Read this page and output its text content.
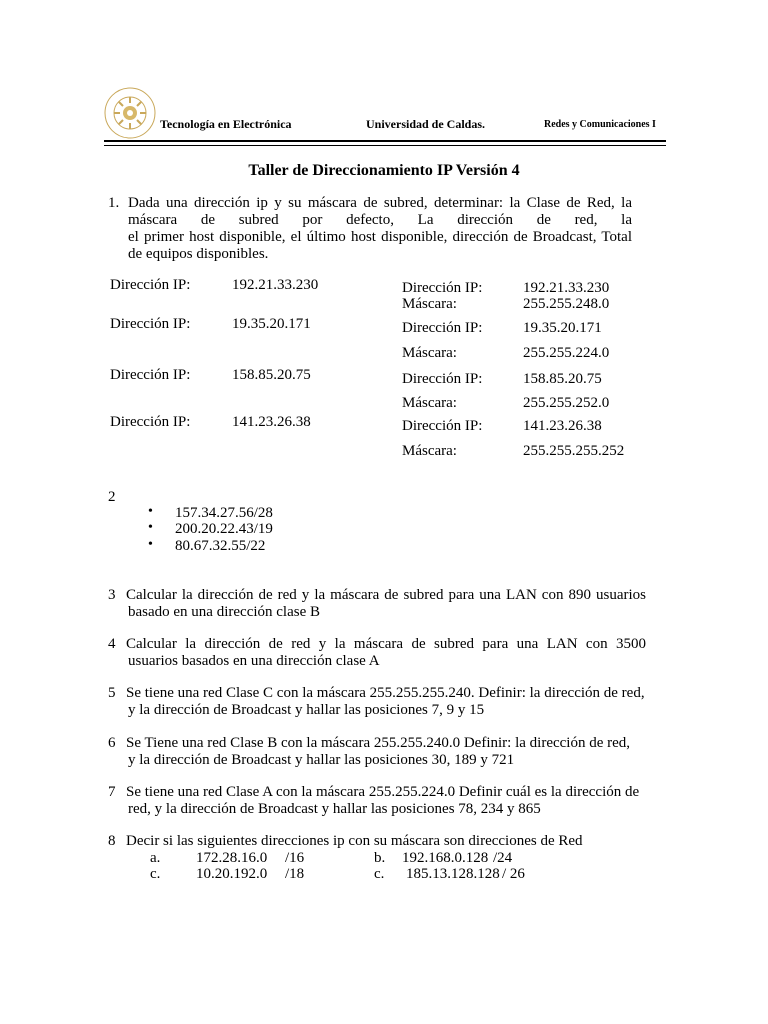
Tecnología en Electrónica	Universidad de Caldas.	Redes y Comunicaciones I
Taller de Direccionamiento IP Versión 4
1. Dada una dirección ip y su máscara de subred, determinar: la Clase de Red, la
máscara de subred por defecto, La dirección de red, la
el primer host disponible, el último host disponible, dirección de Broadcast, Total
de equipos disponibles.
Dirección IP:	192.21.33.230
Dirección IP:	19.35.20.171
Dirección IP:	158.85.20.75
Dirección IP:	141.23.26.38
Dirección IP:	192.21.33.230
Máscara:	255.255.248.0
Dirección IP:	19.35.20.171
Máscara:	255.255.224.0
Dirección IP:	158.85.20.75
Máscara:	255.255.252.0
Dirección IP:	141.23.26.38
Máscara:	255.255.255.252
2
• 157.34.27.56/28
• 200.20.22.43/19
• 80.67.32.55/22
3 Calcular la dirección de red y la máscara de subred para una LAN con 890 usuarios
basado en una dirección clase B
4 Calcular la dirección de red y la máscara de subred para una LAN con 3500
usuarios basados en una dirección clase A
5 Se tiene una red Clase C con la máscara 255.255.255.240. Definir: la dirección de red,
y la dirección de Broadcast y hallar las posiciones 7, 9 y 15
6 Se Tiene una red Clase B con la máscara 255.255.240.0 Definir: la dirección de red,
y la dirección de Broadcast y hallar las posiciones 30, 189 y 721
7 Se tiene una red Clase A con la máscara 255.255.224.0 Definir cuál es la dirección de
red, y la dirección de Broadcast y hallar las posiciones 78, 234 y 865
8 Decir si las siguientes direcciones ip con su máscara son direcciones de Red
a. 172.28.16.0 /16	b. 192.168.0.128 /24
c. 10.20.192.0 /18	c. 185.13.128.128 / 26
